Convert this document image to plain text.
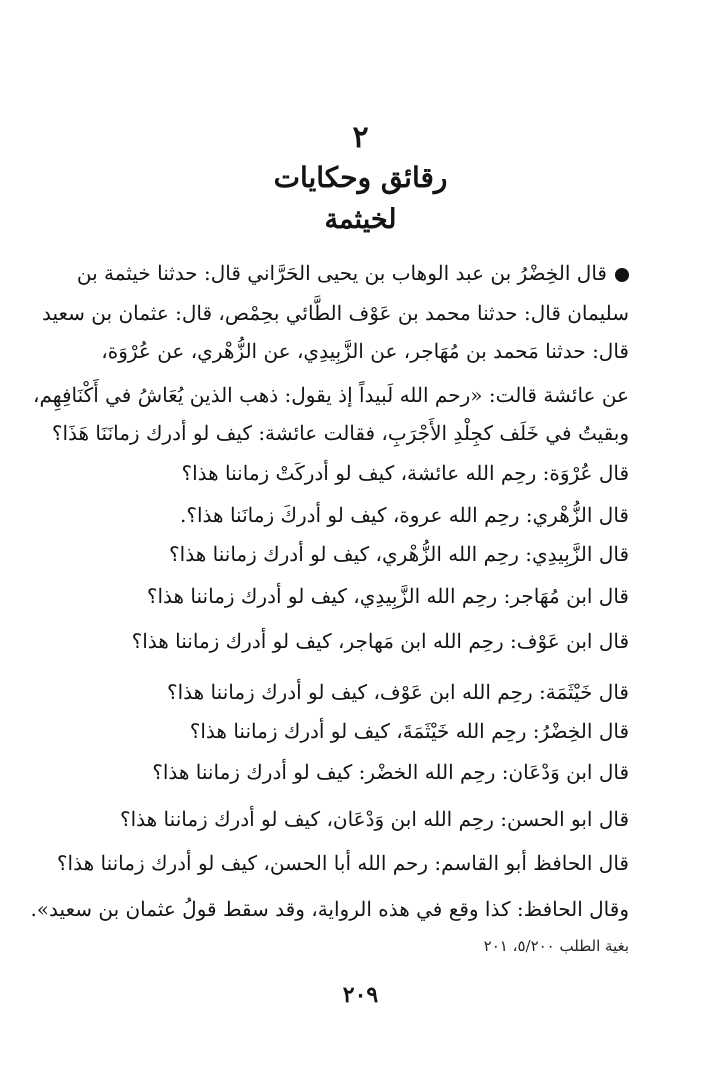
٢
رقائق وحكايات
لخيثمة
قال الخِضْرُ بن عبد الوهاب بن يحيى الحَرَّاني قال: حدثنا خيثمة بن
سليمان قال: حدثنا محمد بن عَوْف الطَّائي بحِمْص، قال: عثمان بن سعيد
قال: حدثنا مَحمد بن مُهَاجر، عن الزَّبِيدِي، عن الزُّهْري، عن عُرْوَة،
عن عائشة قالت: «رحم الله لَبيداً إذ يقول: ذهب الذين يُعَاشُ في أَكْنَافِهِم،
وبقيتُ في خَلَف كجِلْدِ الأَجْرَبِ، فقالت عائشة: كيف لو أدرك زمانَنَا هَذَا؟
قال عُرْوَة: رحِم الله عائشة، كيف لو أدركَتْ زماننا هذا؟
قال الزُّهْري: رحِم الله عروة، كيف لو أدركَ زمانَنا هذا؟.
قال الزَّبِيدِي: رحِم الله الزُّهْري، كيف لو أدرك زماننا هذا؟
قال ابن مُهَاجر: رحِم الله الزَّبِيدِي، كيف لو أدرك زماننا هذا؟
قال ابن عَوْف: رحِم الله ابن مَهاجر، كيف لو أدرك زماننا هذا؟
قال خَيْثَمَة: رحِم الله ابن عَوْف، كيف لو أدرك زماننا هذا؟
قال الخِضْرُ: رحِم الله خَيْثَمَةَ، كيف لو أدرك زماننا هذا؟
قال ابن وَدْعَان: رحِم الله الخضْر: كيف لو أدرك زماننا هذا؟
قال ابو الحسن: رحِم الله ابن وَدْعَان، كيف لو أدرك زماننا هذا؟
قال الحافظ أبو القاسم: رحم الله أبا الحسن، كيف لو أدرك زماننا هذا؟
وقال الحافظ: كذا وقع في هذه الرواية، وقد سقط قولُ عثمان بن سعيد».
بغية الطلب ٥/٢٠٠، ٢٠١
٢٠٩
